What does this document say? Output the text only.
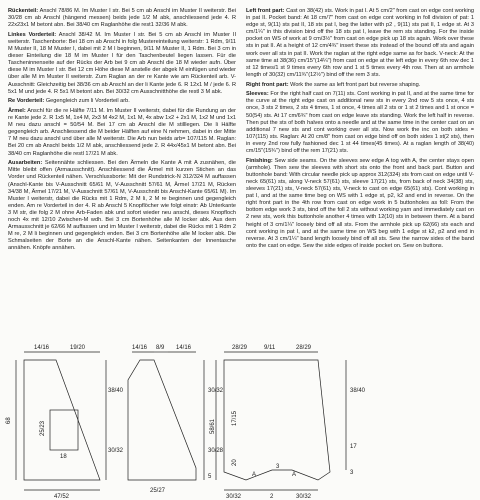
Rückenteil: Anschl 78/86 M. Im Muster I str. Bei 5 cm ab Anschl im Muster II weiterstr. Bei 30/28 cm ab Anschl (hängend messen) beids jede 1/2 M abk, anschliessend jede 4. R 22x23x1 M betont abn. Bei 38/40 cm Raglanhöhe die rest1 32/36 M abk.

Linkes Vorderteil: Anschl 38/42 M. Im Muster I str. Bei 5 cm ab Anschl im Muster II weiterstr. Taschenborte: Bei 18 cm ab Anschl in folg Mustereinteilung weiterstr: 1 Rdm, 9/11 M Muster II, 18 M Muster I, dabei mit 2 M I beginnen, 9/11 M Muster II, 1 Rdm. Bei 3 cm in dieser Einteilung die 18 M im Muster I für den Taschenbeutel liegen lassen. Für die Tascheninnenseite auf der Rücks der Arb bei 9 cm ab Anschl die 18 M wieder aufn. Über diese M im Muster I str. Bei 12 cm Höhe diese M anstelle der abgek M einfügen und wieder über alle M im Muster II weiterstr. Zum Raglan an der re Kante wie am Rückenteil arb. V-Ausschnitt: Gleichzeitig bei 38/36 cm ab Anschl an der li Kante jede 6. R 12x1 M / jede 6. R 5x1 M und jede 4. R 5x1 M betont abn. Bei 30/32 cm Ausschnitthöhe die restl 3 M abk.

Re Vorderteil: Gegengleich zum li Vorderteil arb.

Ärmel: Anschl für die re Hälfte 7/11 M. Im Muster II weiterstr, dabei für die Rundung an der re Kante jede 2. R 1x5 M, 1x4 M, 2x3 M 4x2 M, 1x1 M, 4x abw 1x2 + 2x1 M, 1x2 M und 1x1 M neu dazu anschl = 50/54 M. Bei 17 cm ab Anschl die M stilllegen. Die li Hälfte gegengleich arb. Anschliessend die M beider Hälften auf eine N nehmen, dabei in der Mitte 7 M neu dazu anschl und über alle M weiterstr. Die Arb nun beids arb= 107/115 M. Raglan: Bei 20 cm ab Anschl beids 1/2 M abk, anschliessend jede 2. R 44x/45x1 M betont abn. Bei 38/40 cm Raglanhöhe die restl 17/21 M abk.

Ausarbeiten: Seitennähte schliessen. Bei den Ärmeln die Kante A mit A zusnähen, die Mitte bleibt offen (Armausschnitt). Anschliessend die Ärmel mit kurzen Stichen an das Vorder und Rückenteil nähen. Verschlussborte: Mit der Rundstrick-N 312/324 M auffassen (Anschl-Kante bis V-Ausschnitt 65/61 M, V-Ausschnitt 57/61 M, Ärmel 17/21 M, Rücken 34/38 M, Ärmel 17/21 M, V-Ausschnitt 57/61 M, V-Ausschnitt bis Anschl-Kante 65/61 M). Im Muster I weiterstr, dabei die Rücks mit 1 Rdm, 2 M li, 2 M re beginnen und gegengleich enden. Am re Vorderteil in der 4. R ab Anschl 5 Knopflöcher wie folgt einstr: Ab Unterkante 3 M str, die folg 2 M ohne Arb-Faden abk und sofort wieder neu anschl, dieses Knopfloch noch 4x mit 12/10 Zwischen-M wdh. Bei 3 cm Bortenhöhe alle M locker abk. Aus dem Armausschnitt je 62/66 M auffassen und im Muster I weiterstr, dabei die Rücks mit 1 Rdm 2 M re, 2 M li beginnen und gegengleich enden. Bei 3 cm Bortenhöhe alle M locker abk. Die Schmalseiten der Borte an die Anschl-Kante nähen. Seitenkanten der Innentasche annähen. Knöpfe annähen.

Left front part: Cast on 38(42) sts. Work in pat I. At 5 cm/2" from cast on edge cont working in pat II. Pocket band: At 18 cm/7" from cast on edge cont working in foll division of pat: 1 edge st, 9(11) sts pat II, 18 sts pat I, beg the latter with p2 , 9(11) sts pat II, 1 edge st. At 3 cm/1¼" in this division bind off the 18 sts pat I, leave the rem sts standing. For the inside pocket on WS of work at 9 cm/3½" from cast on edge pick up 18 sts again. Work over these sts in pat II. At a height of 12 cm/4¾" insert these sts instead of the bound off sts and again work over all sts in pat II. Work the raglan at the right edge same as for back. V-neck: At the same time at 38(36) cm/15"(14¼") from cast on edge at the left edge in every 6th row dec 1 st 12 times/1 st 9 times every 6th row and 1 st 5 times every 4th row. Then at an armhole length of 30(32) cm/11¾"(12½") bind off the rem 3 sts.

Right front part: Work the same as left front part but reverse shaping.

Sleeves: For the right half cast on 7(11) sts. Cont working in pat II, and at the same time for the curve at the right edge cast on additional new sts in every 2nd row 5 sts once, 4 sts once, 3 sts 2 times, 2 sts 4 times, 1 st once, 4 times all 2 sts or 1 st 2 times and 1 st once = 50(54) sts. At 17 cm/6¾" from cast on edge leave sts standing. Work the left half in reverse. Then put the sts of both halves onto a needle and at the same time in the center cast on an additional 7 new sts and cont working over all sts. Now work the inc on both sides = 107(115) sts. Raglan: At 20 cm/8" from cast on edge bind off on both sides 1 st(2 sts), then in every 2nd row fully fashioned dec 1 st 44 times(45 times). At a raglan length of 38(40) cm/15"(15¾") bind off the rem 17(21) sts.

Finishing: Sew side seams. On the sleeves sew edge A tog with A, the center stays open (armhole). Then sew the sleeves with short sts onto the front and back part. Button and buttonhole band: With circular needle pick up approx 312(324) sts from cast on edge until V-neck 65(61) sts, along V-neck 57(61) sts, sleeve 17(21) sts, from back of neck 34(38) sts, sleeves 17(21) sts, V-neck 57(61) sts, V-neck to cast on edge 65(61) sts). Cont working in pat I, and at the same time beg on WS with 1 edge st, p2, k2 and end in reverse. On the right front part in the 4th row from cast on edge work in 5 buttonholes as foll: From the bottom edge work 3 sts, bind off the foll 2 sts without working yarn and immediately cast on 2 new sts, work this buttonhole another 4 times with 12(10) sts in between them. At a band height of 3 cm/1¼" loosely bind off all sts. From the armhole pick up 62(66) sts each and cont working in pat I, and at the same time on WS beg with 1 edge st k2, p2 and end in reverse. At 3 cm/1¼" band length loosely bind off all sts. Sew the narrow sides of the band onto the cast on edge. Sew the side edges of inside pocket on. Sew on buttons.

14/16	19/20
68
38/40
30/32
25/23
18
47/52
14/16 8/9 14/16
30/32
30/28
5
25/27
28/29	9/11	28/29
58/61
17/15
20
A	A
3
30/32	2	30/32
38/40
17
3
